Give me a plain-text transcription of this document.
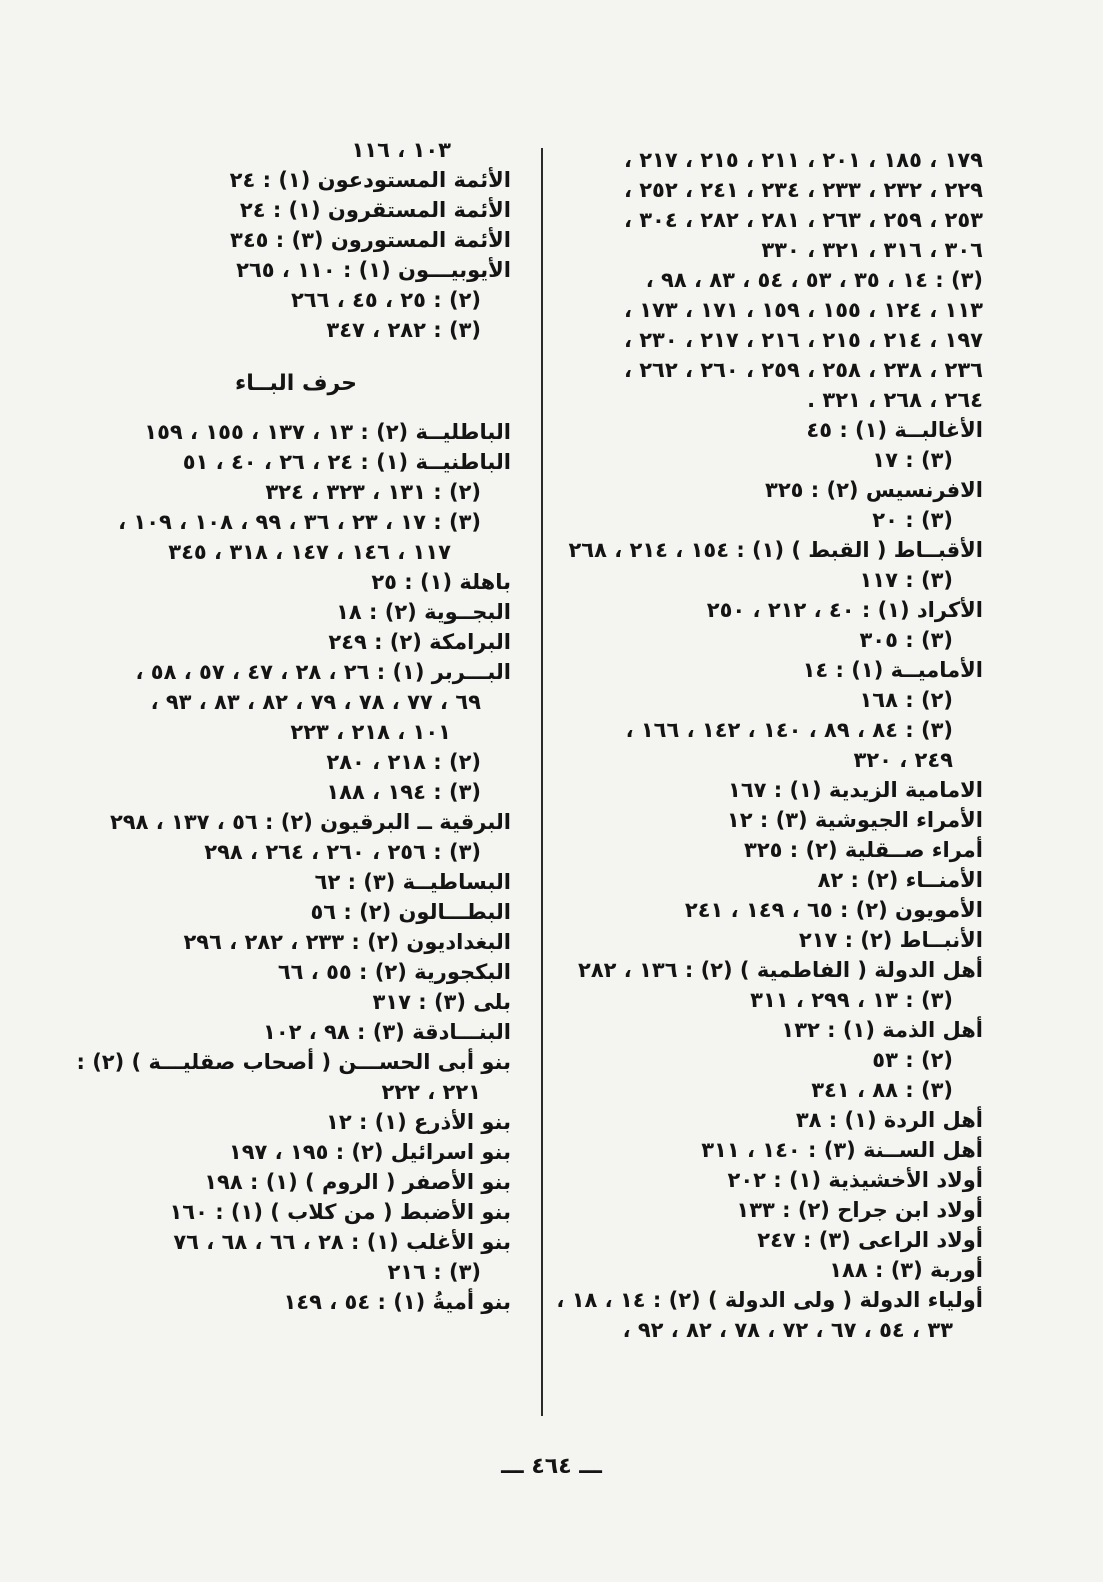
١٧٩ ، ١٨٥ ، ٢٠١ ، ٢١١ ، ٢١٥ ، ٢١٧ ،
٢٢٩ ، ٢٣٢ ، ٢٣٣ ، ٢٣٤ ، ٢٤١ ، ٢٥٢ ،
٢٥٣ ، ٢٥٩ ، ٢٦٣ ، ٢٨١ ، ٢٨٢ ، ٣٠٤ ،
٣٠٦ ، ٣١٦ ، ٣٢١ ، ٣٣٠
(٣) : ١٤ ، ٣٥ ، ٥٣ ، ٥٤ ، ٨٣ ، ٩٨ ،
١١٣ ، ١٢٤ ، ١٥٥ ، ١٥٩ ، ١٧١ ، ١٧٣ ،
١٩٧ ، ٢١٤ ، ٢١٥ ، ٢١٦ ، ٢١٧ ، ٢٣٠ ،
٢٣٦ ، ٢٣٨ ، ٢٥٨ ، ٢٥٩ ، ٢٦٠ ، ٢٦٢ ،
٢٦٤ ، ٢٦٨ ، ٣٢١ .
الأغالبــة (١) : ٤٥
(٣) : ١٧
الافرنسيس (٢) : ٣٢٥
(٣) : ٢٠
الأقبــاط ( القبط ) (١) : ١٥٤ ، ٢١٤ ، ٢٦٨
(٣) : ١١٧
الأكراد (١) : ٤٠ ، ٢١٢ ، ٢٥٠
(٣) : ٣٠٥
الأماميــة (١) : ١٤
(٢) : ١٦٨
(٣) : ٨٤ ، ٨٩ ، ١٤٠ ، ١٤٢ ، ١٦٦ ،
٢٤٩ ، ٣٢٠
الامامية الزيدية (١) : ١٦٧
الأمراء الجيوشية (٣) : ١٢
أمراء صــقلية (٢) : ٣٢٥
الأمنــاء (٢) : ٨٢
الأمويون (٢) : ٦٥ ، ١٤٩ ، ٢٤١
الأنبــاط (٢) : ٢١٧
أهل الدولة ( الفاطمية ) (٢) : ١٣٦ ، ٢٨٢
(٣) : ١٣ ، ٢٩٩ ، ٣١١
أهل الذمة (١) : ١٣٢
(٢) : ٥٣
(٣) : ٨٨ ، ٣٤١
أهل الردة (١) : ٣٨
أهل الســنة (٣) : ١٤٠ ، ٣١١
أولاد الأخشيذية (١) : ٢٠٢
أولاد ابن جراح (٢) : ١٣٣
أولاد الراعى (٣) : ٢٤٧
أوربة (٣) : ١٨٨
أولياء الدولة ( ولى الدولة ) (٢) : ١٤ ، ١٨ ،
٣٣ ، ٥٤ ، ٦٧ ، ٧٢ ، ٧٨ ، ٨٢ ، ٩٢ ،
١٠٣ ، ١١٦
الأئمة المستودعون (١) : ٢٤
الأئمة المستقرون (١) : ٢٤
الأئمة المستورون (٣) : ٣٤٥
الأيوبيـــون (١) : ١١٠ ، ٢٦٥
(٢) : ٢٥ ، ٤٥ ، ٢٦٦
(٣) : ٢٨٢ ، ٣٤٧
حرف البــاء
الباطليــة (٢) : ١٣ ، ١٣٧ ، ١٥٥ ، ١٥٩
الباطنيــة (١) : ٢٤ ، ٢٦ ، ٤٠ ، ٥١
(٢) : ١٣١ ، ٣٢٣ ، ٣٢٤
(٣) : ١٧ ، ٢٣ ، ٣٦ ، ٩٩ ، ١٠٨ ، ١٠٩ ،
١١٧ ، ١٤٦ ، ١٤٧ ، ٣١٨ ، ٣٤٥
باهلة (١) : ٢٥
البجــوية (٢) : ١٨
البرامكة (٢) : ٢٤٩
البـــربر (١) : ٢٦ ، ٢٨ ، ٤٧ ، ٥٧ ، ٥٨ ،
٦٩ ، ٧٧ ، ٧٨ ، ٧٩ ، ٨٢ ، ٨٣ ، ٩٣ ،
١٠١ ، ٢١٨ ، ٢٢٣
(٢) : ٢١٨ ، ٢٨٠
(٣) : ١٩٤ ، ١٨٨
البرقية ــ البرقيون (٢) : ٥٦ ، ١٣٧ ، ٢٩٨
(٣) : ٢٥٦ ، ٢٦٠ ، ٢٦٤ ، ٢٩٨
البساطيــة (٣) : ٦٢
البطـــالون (٢) : ٥٦
البغداديون (٢) : ٢٣٣ ، ٢٨٢ ، ٢٩٦
البكجورية (٢) : ٥٥ ، ٦٦
بلى (٣) : ٣١٧
البنـــادقة (٣) : ٩٨ ، ١٠٢
بنو أبى الحســـن ( أصحاب صقليـــة ) (٢) :
٢٢١ ، ٢٢٢
بنو الأذرع (١) : ١٢
بنو اسرائيل (٢) : ١٩٥ ، ١٩٧
بنو الأصفر ( الروم ) (١) : ١٩٨
بنو الأضبط ( من كلاب ) (١) : ١٦٠
بنو الأغلب (١) : ٢٨ ، ٦٦ ، ٦٨ ، ٧٦
(٣) : ٢١٦
بنو أميةُ (١) : ٥٤ ، ١٤٩
ـــ ٤٦٤ ـــ
